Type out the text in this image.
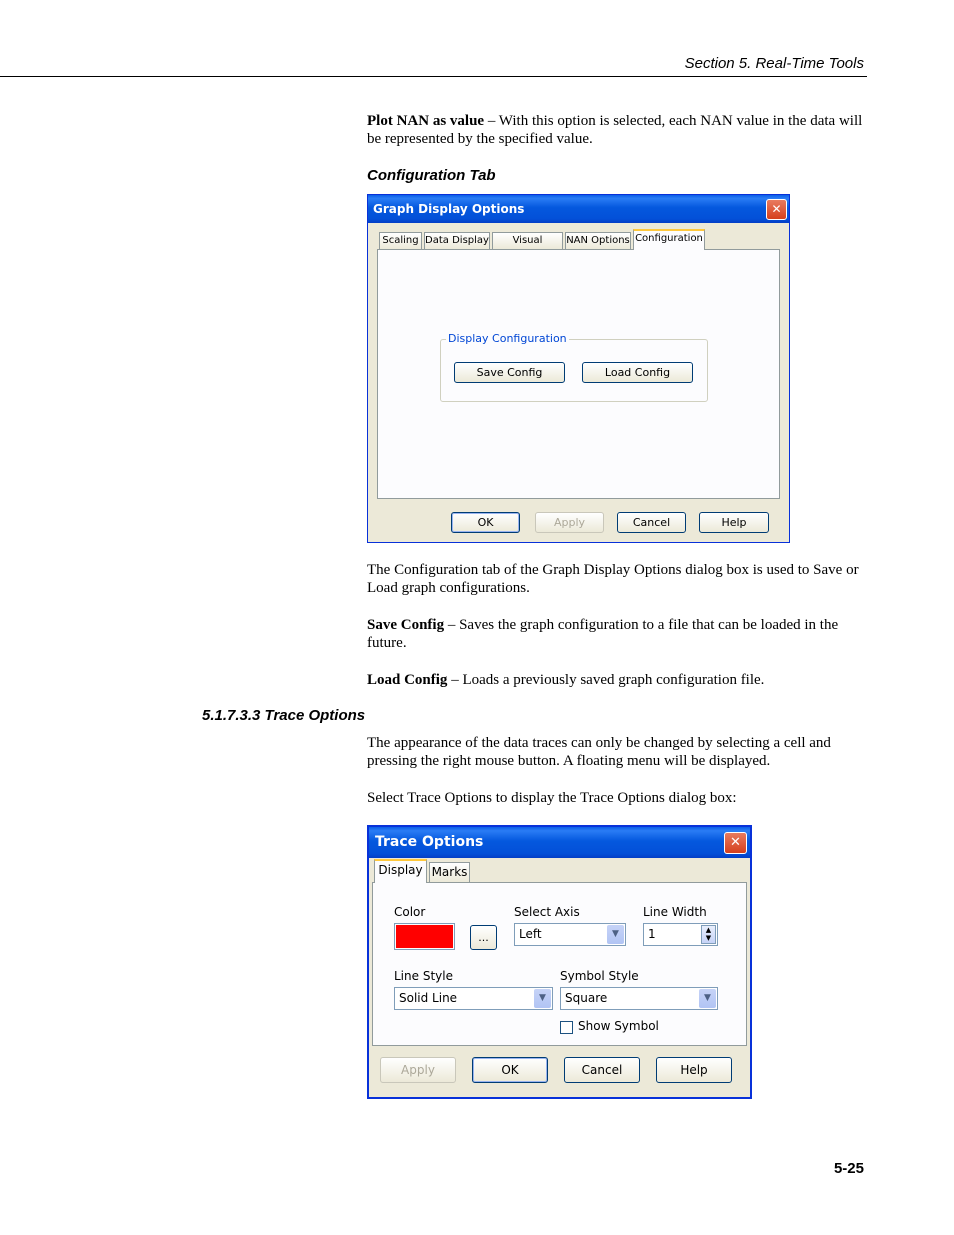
Section 5. Real-Time Tools

Plot NAN as value – With this option is selected, each NAN value in the data will be represented by the specified value.

Configuration Tab
Graph Display Options	✕
Scaling Data Display	Visual	NAN Options Configuration
Display Configuration
Save Config	Load Config
OK	Apply	Cancel	Help

The Configuration tab of the Graph Display Options dialog box is used to Save or Load graph configurations.

Save Config – Saves the graph configuration to a file that can be loaded in the future.

Load Config – Loads a previously saved graph configuration file.

5.1.7.3.3 Trace Options

The appearance of the data traces can only be changed by selecting a cell and pressing the right mouse button. A floating menu will be displayed.

Select Trace Options to display the Trace Options dialog box:

Trace Options	✕
Display Marks
Color
...
Select Axis
Left	▼
Line Width
1	▲
▼
Line Style
Solid Line	▼
Symbol Style
Square	▼
Show Symbol
Apply	OK	Cancel	Help
5-25
